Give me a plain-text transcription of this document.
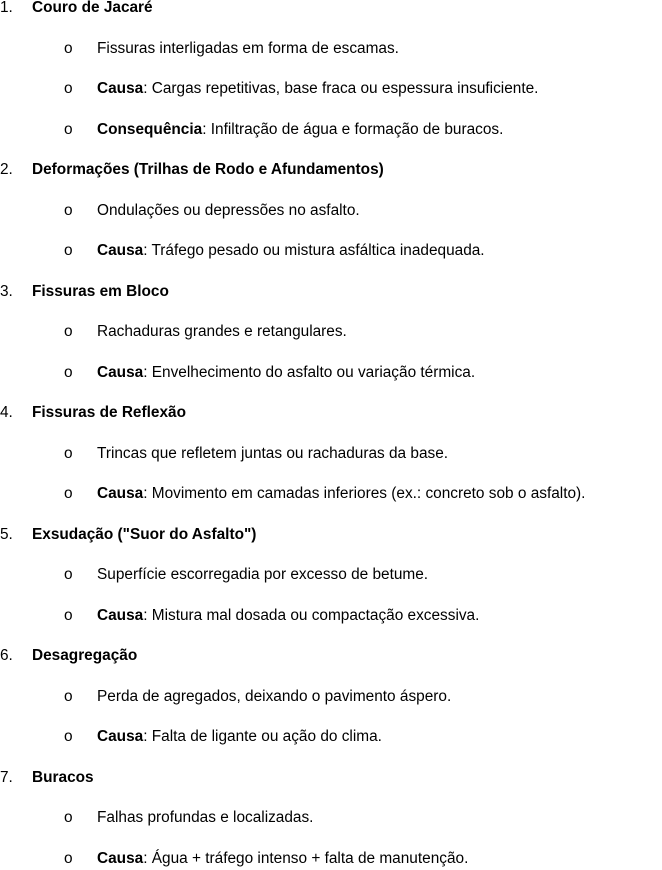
1. Couro de Jacaré
o Fissuras interligadas em forma de escamas.
o Causa: Cargas repetitivas, base fraca ou espessura insuficiente.
o Consequência: Infiltração de água e formação de buracos.
2. Deformações (Trilhas de Rodo e Afundamentos)
o Ondulações ou depressões no asfalto.
o Causa: Tráfego pesado ou mistura asfáltica inadequada.
3. Fissuras em Bloco
o Rachaduras grandes e retangulares.
o Causa: Envelhecimento do asfalto ou variação térmica.
4. Fissuras de Reflexão
o Trincas que refletem juntas ou rachaduras da base.
o Causa: Movimento em camadas inferiores (ex.: concreto sob o asfalto).
5. Exsudação ("Suor do Asfalto")
o Superfície escorregadia por excesso de betume.
o Causa: Mistura mal dosada ou compactação excessiva.
6. Desagregação
o Perda de agregados, deixando o pavimento áspero.
o Causa: Falta de ligante ou ação do clima.
7. Buracos
o Falhas profundas e localizadas.
o Causa: Água + tráfego intenso + falta de manutenção.
